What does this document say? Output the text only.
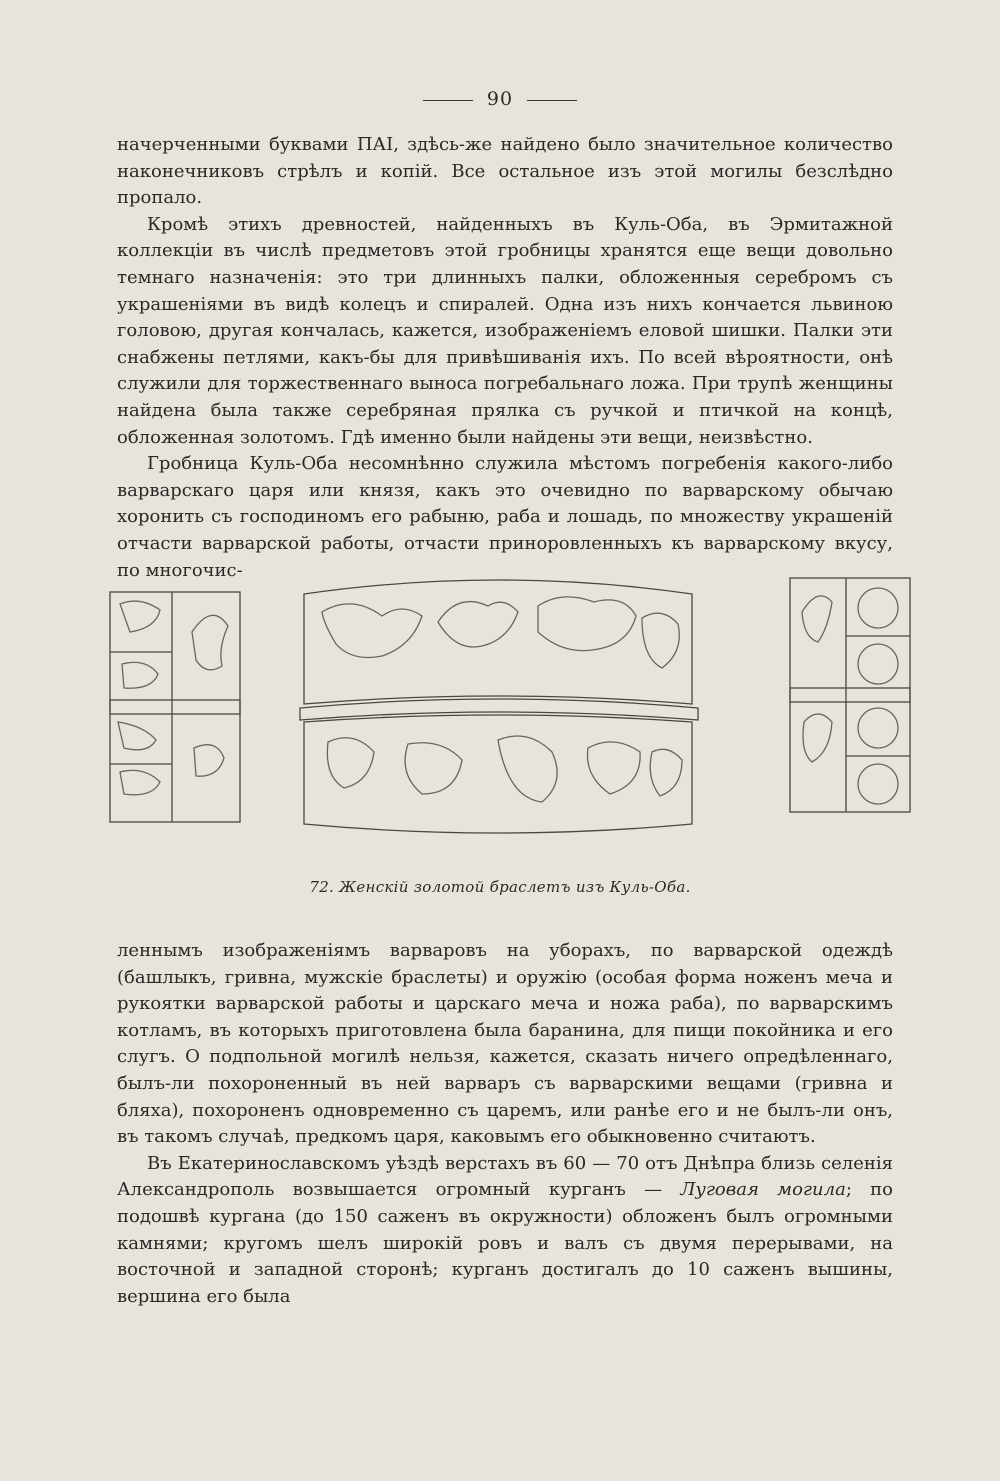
90

начерченными буквами ПАI, здѣсь-же найдено было значительное количество наконечниковъ стрѣлъ и копій. Все остальное изъ этой могилы безслѣдно пропало.

Кромѣ этихъ древностей, найденныхъ въ Куль-Оба, въ Эрмитажной коллекціи въ числѣ предметовъ этой гробницы хранятся еще вещи довольно темнаго назначенія: это три длинныхъ палки, обложенныя серебромъ съ украшеніями въ видѣ колецъ и спиралей. Одна изъ нихъ кончается львиною головою, другая кончалась, кажется, изображеніемъ еловой шишки. Палки эти снабжены петлями, какъ-бы для привѣшиванія ихъ. По всей вѣроятности, онѣ служили для торжественнаго выноса погребальнаго ложа. При трупѣ женщины найдена была также серебряная прялка съ ручкой и птичкой на концѣ, обложенная золотомъ. Гдѣ именно были найдены эти вещи, неизвѣстно.

Гробница Куль-Оба несомнѣнно служила мѣстомъ погребенія какого-либо варварскаго царя или князя, какъ это очевидно по варварскому обычаю хоронить съ господиномъ его рабыню, раба и лошадь, по множеству украшеній отчасти варварской работы, отчасти приноровленныхъ къ варварскому вкусу, по многочис-

72. Женскій золотой браслетъ изъ Куль-Оба.

леннымъ изображеніямъ варваровъ на уборахъ, по варварской одеждѣ (башлыкъ, гривна, мужскіе браслеты) и оружію (особая форма ноженъ меча и рукоятки варварской работы и царскаго меча и ножа раба), по варварскимъ котламъ, въ которыхъ приготовлена была баранина, для пищи покойника и его слугъ. О подпольной могилѣ нельзя, кажется, сказать ничего опредѣленнаго, былъ-ли похороненный въ ней варваръ съ варварскими вещами (гривна и бляха), похороненъ одновременно съ царемъ, или ранѣе его и не былъ-ли онъ, въ такомъ случаѣ, предкомъ царя, каковымъ его обыкновенно считаютъ.

Въ Екатеринославскомъ уѣздѣ верстахъ въ 60 — 70 отъ Днѣпра близь селенія Александрополь возвышается огромный курганъ — Луговая могила; по подошвѣ кургана (до 150 саженъ въ окружности) обложенъ былъ огромными камнями; кругомъ шелъ широкій ровъ и валъ съ двумя перерывами, на восточной и западной сторонѣ; курганъ достигалъ до 10 саженъ вышины, вершина его была
